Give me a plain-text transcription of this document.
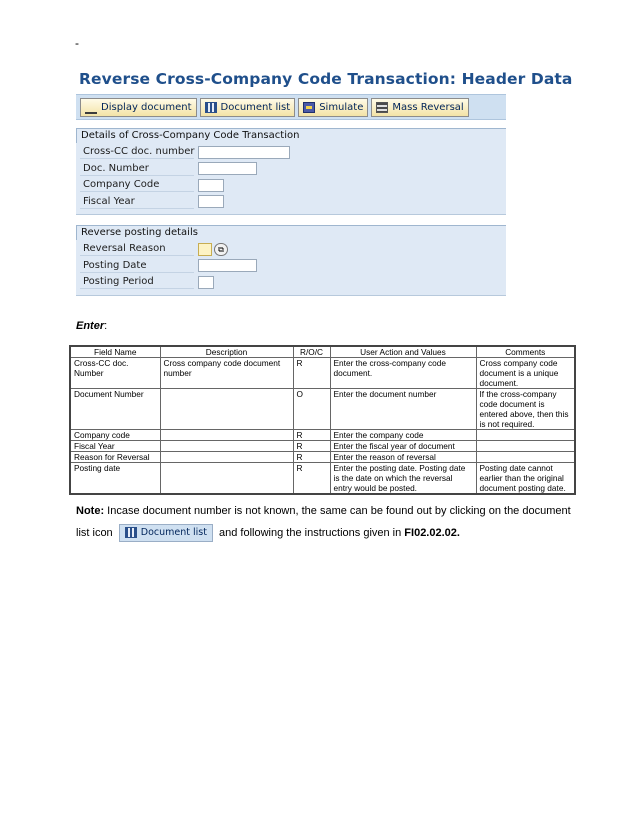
-
Reverse Cross-Company Code Transaction: Header Data
Display document	Document list	Simulate	Mass Reversal
Details of Cross-Company Code Transaction
Cross-CC doc. number
Doc. Number
Company Code
Fiscal Year
Reverse posting details
Reversal Reason	⧉
Posting Date
Posting Period
Enter:
Field Name	Description	R/O/C	User Action and Values	Comments
Cross-CC doc. Number	Cross company code document number	R	Enter the cross-company code document.	Cross company code document is a unique document.
Document Number		O	Enter the document number	If the cross-company code document is entered above, then this is not required.
Company code		R	Enter the company code	
Fiscal Year		R	Enter the fiscal year of document	
Reason for Reversal		R	Enter the reason of reversal	
Posting date		R	Enter the posting date. Posting date is the date on which the reversal entry would be posted.	Posting date cannot earlier than the original document posting date.
Note: Incase document number is not known, the same can be found out by clicking on the document list icon	Document list and following the instructions given in FI02.02.02.
